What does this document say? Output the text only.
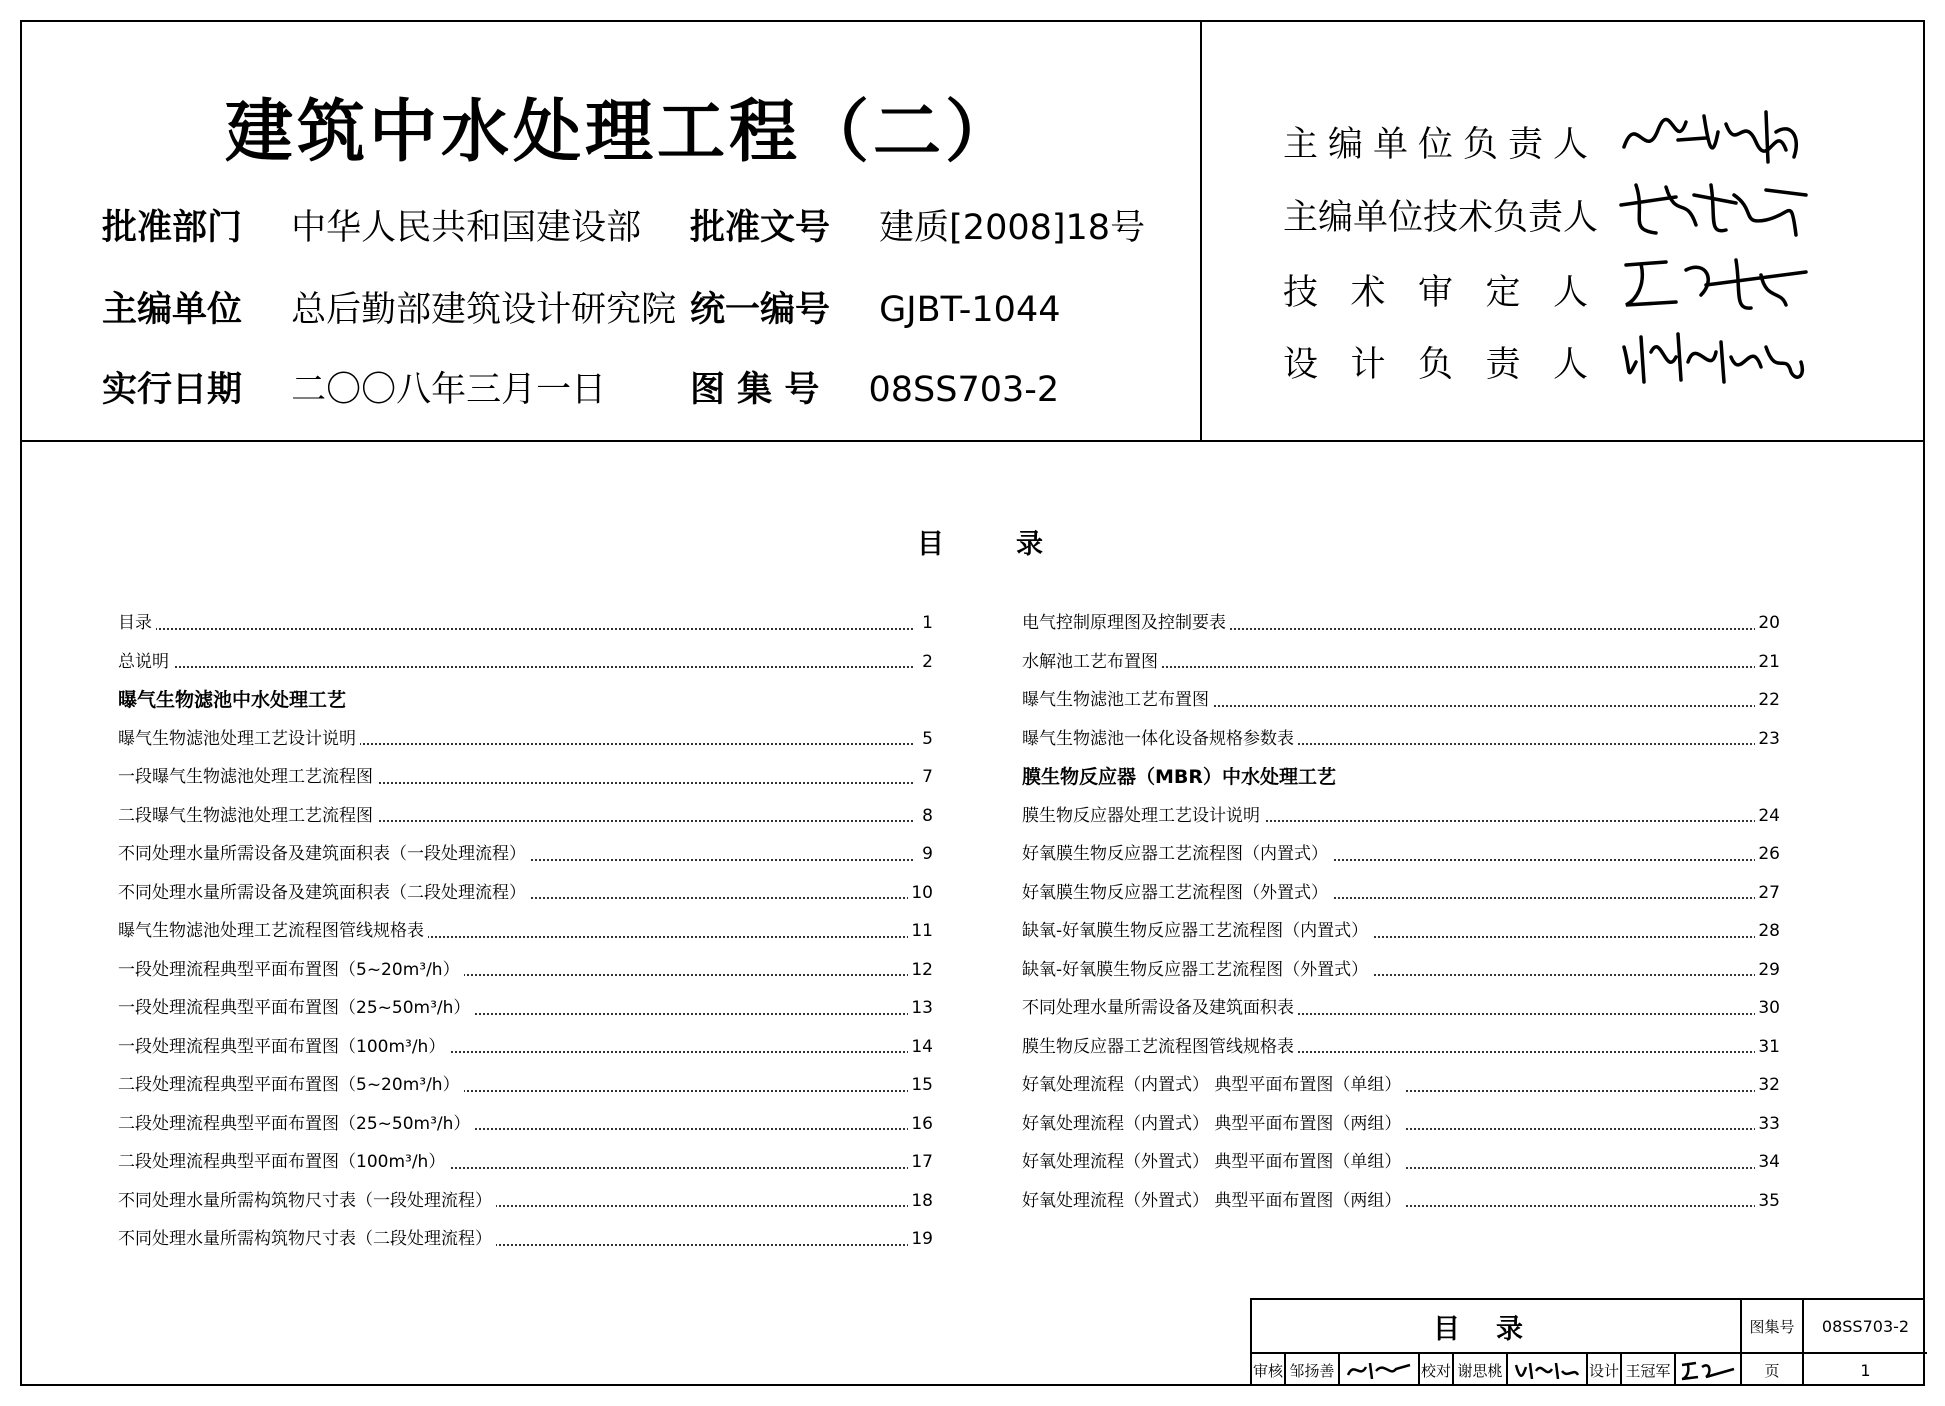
建筑中水处理工程（二）
批准部门 中华人民共和国建设部 批准文号 建质[2008]18号
主编单位 总后勤部建筑设计研究院 统一编号 GJBT-1044
实行日期 二〇〇八年三月一日 图 集 号 08SS703-2
主编单位负责人
主编单位技术负责人
技术审定人
设计负责人
目录
目录	1
总说明	2
曝气生物滤池中水处理工艺
曝气生物滤池处理工艺设计说明	5
一段曝气生物滤池处理工艺流程图	7
二段曝气生物滤池处理工艺流程图	8
不同处理水量所需设备及建筑面积表（一段处理流程）	9
不同处理水量所需设备及建筑面积表（二段处理流程）	10
曝气生物滤池处理工艺流程图管线规格表	11
一段处理流程典型平面布置图（5~20m³/h）	12
一段处理流程典型平面布置图（25~50m³/h）	13
一段处理流程典型平面布置图（100m³/h）	14
二段处理流程典型平面布置图（5~20m³/h）	15
二段处理流程典型平面布置图（25~50m³/h）	16
二段处理流程典型平面布置图（100m³/h）	17
不同处理水量所需构筑物尺寸表（一段处理流程）	18
不同处理水量所需构筑物尺寸表（二段处理流程）	19
电气控制原理图及控制要表	20
水解池工艺布置图	21
曝气生物滤池工艺布置图	22
曝气生物滤池一体化设备规格参数表	23
膜生物反应器（MBR）中水处理工艺
膜生物反应器处理工艺设计说明	24
好氧膜生物反应器工艺流程图（内置式）	26
好氧膜生物反应器工艺流程图（外置式）	27
缺氧-好氧膜生物反应器工艺流程图（内置式）	28
缺氧-好氧膜生物反应器工艺流程图（外置式）	29
不同处理水量所需设备及建筑面积表	30
膜生物反应器工艺流程图管线规格表	31
好氧处理流程（内置式） 典型平面布置图（单组）	32
好氧处理流程（内置式） 典型平面布置图（两组）	33
好氧处理流程（外置式） 典型平面布置图（单组）	34
好氧处理流程（外置式） 典型平面布置图（两组）	35
目录	图集号	08SS703-2
审核 邹扬善	校对 谢思桃	设计 王冠军	页	1
